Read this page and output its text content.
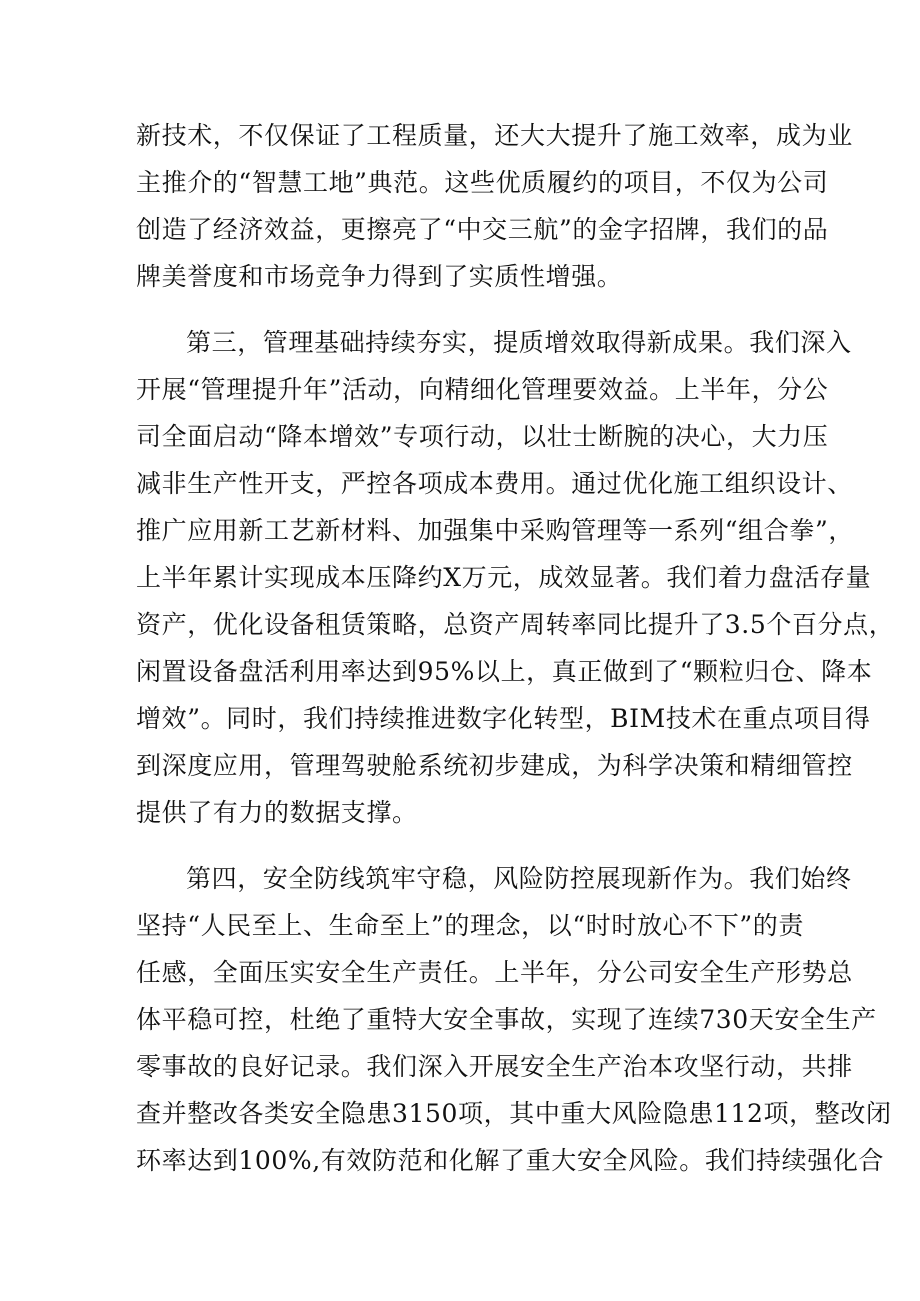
新技术，不仅保证了工程质量，还大大提升了施工效率，成为业
主推介的“智慧工地”典范。这些优质履约的项目，不仅为公司
创造了经济效益，更擦亮了“中交三航”的金字招牌，我们的品
牌美誉度和市场竞争力得到了实质性增强。
第三，管理基础持续夯实，提质增效取得新成果。我们深入
开展“管理提升年”活动，向精细化管理要效益。上半年，分公
司全面启动“降本增效”专项行动，以壮士断腕的决心，大力压
减非生产性开支，严控各项成本费用。通过优化施工组织设计、
推广应用新工艺新材料、加强集中采购管理等一系列“组合拳”，
上半年累计实现成本压降约X万元，成效显著。我们着力盘活存量
资产，优化设备租赁策略，总资产周转率同比提升了3.5个百分点，
闲置设备盘活利用率达到95%以上，真正做到了“颗粒归仓、降本
增效”。同时，我们持续推进数字化转型，BIM技术在重点项目得
到深度应用，管理驾驶舱系统初步建成，为科学决策和精细管控
提供了有力的数据支撑。
第四，安全防线筑牢守稳，风险防控展现新作为。我们始终
坚持“人民至上、生命至上”的理念，以“时时放心不下”的责
任感，全面压实安全生产责任。上半年，分公司安全生产形势总
体平稳可控，杜绝了重特大安全事故，实现了连续730天安全生产
零事故的良好记录。我们深入开展安全生产治本攻坚行动，共排
查并整改各类安全隐患3150项，其中重大风险隐患112项，整改闭
环率达到100%,有效防范和化解了重大安全风险。我们持续强化合
